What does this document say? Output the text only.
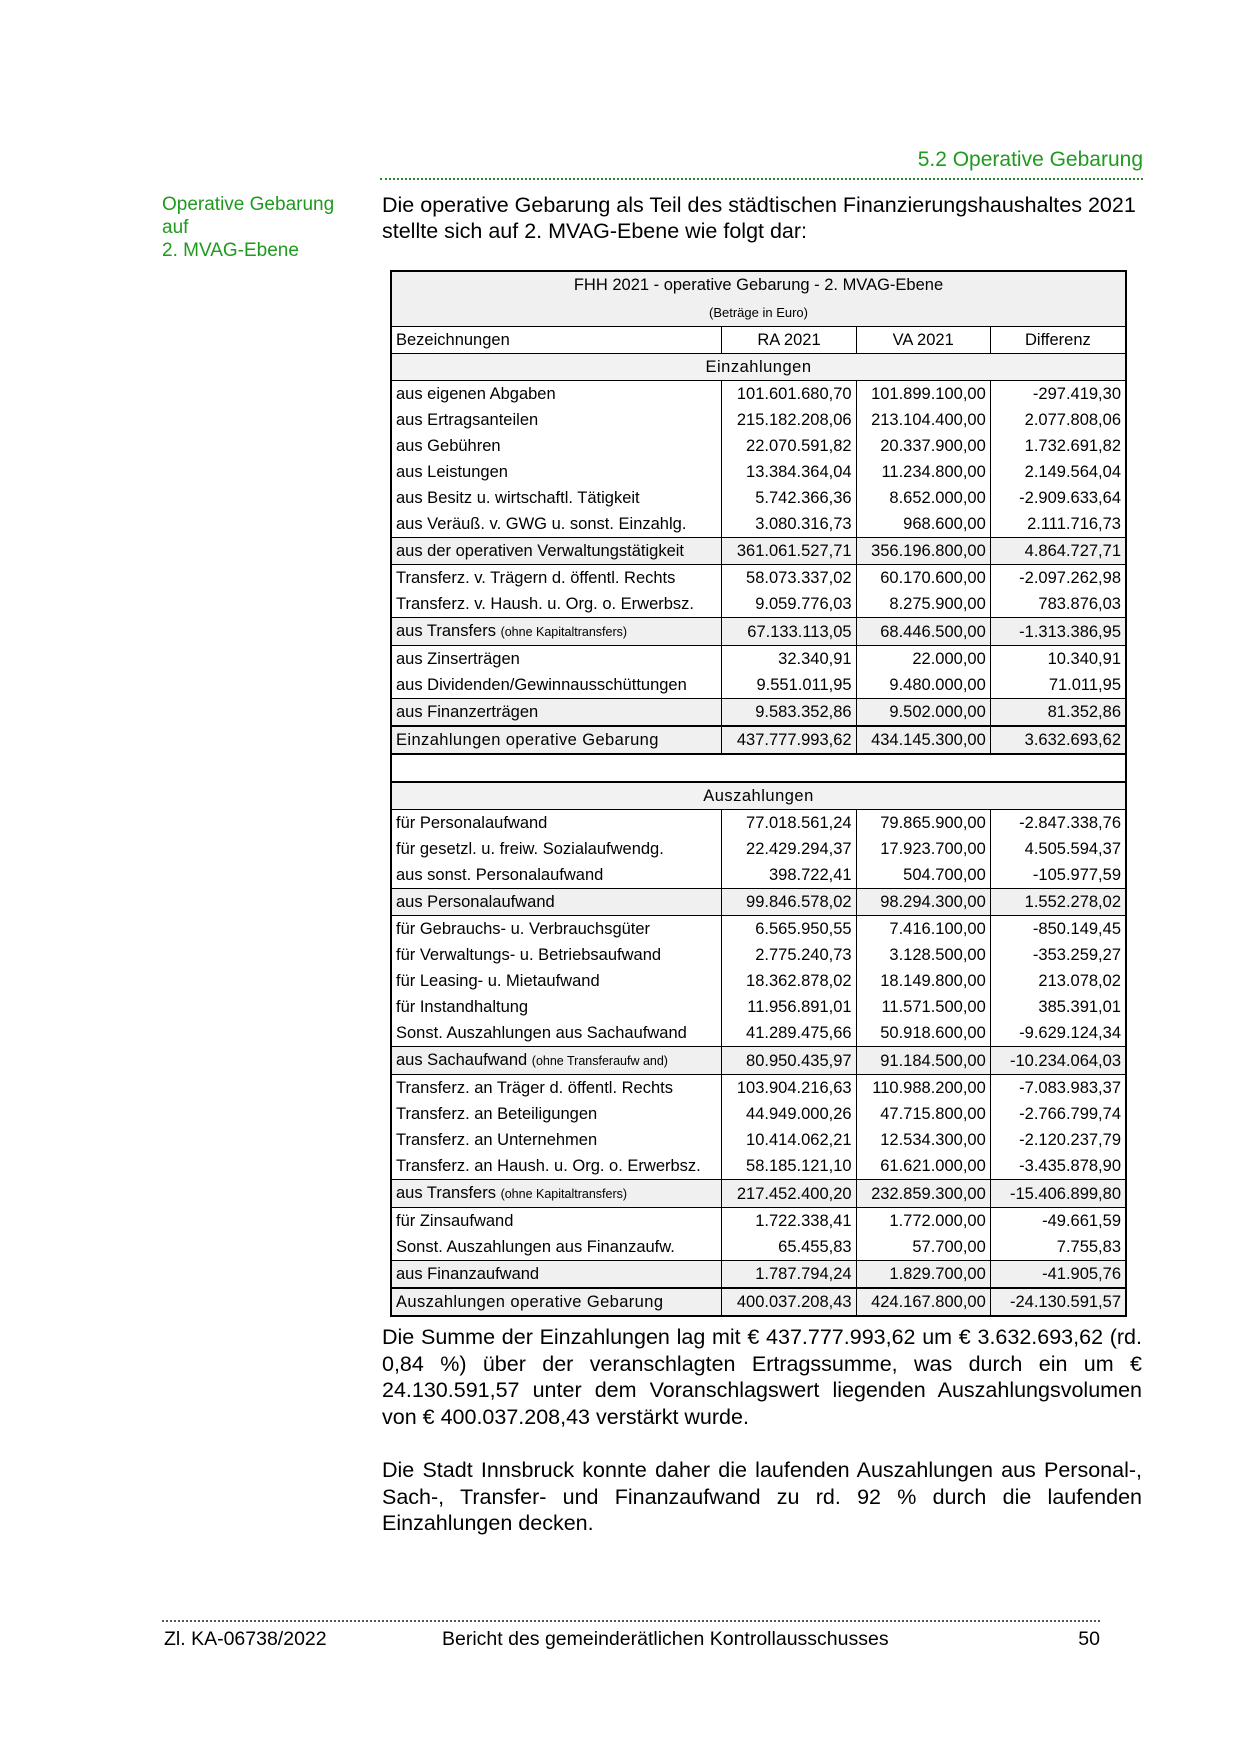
5.2 Operative Gebarung
Operative Gebarung
auf
2. MVAG-Ebene
Die operative Gebarung als Teil des städtischen Finanzierungshaushaltes 2021 stellte sich auf 2. MVAG-Ebene wie folgt dar:
FHH 2021 - operative Gebarung - 2. MVAG-Ebene
(Beträge in Euro)			

Bezeichnungen	RA 2021	VA 2021	Differenz
Einzahlungen			
aus eigenen Abgaben	101.601.680,70	101.899.100,00	-297.419,30
aus Ertragsanteilen	215.182.208,06	213.104.400,00	2.077.808,06
aus Gebühren	22.070.591,82	20.337.900,00	1.732.691,82
aus Leistungen	13.384.364,04	11.234.800,00	2.149.564,04
aus Besitz u. wirtschaftl. Tätigkeit	5.742.366,36	8.652.000,00	-2.909.633,64
aus Veräuß. v. GWG u. sonst. Einzahlg.	3.080.316,73	968.600,00	2.111.716,73
aus der operativen Verwaltungstätigkeit	361.061.527,71	356.196.800,00	4.864.727,71
Transferz. v. Trägern d. öffentl. Rechts	58.073.337,02	60.170.600,00	-2.097.262,98
Transferz. v. Haush. u. Org. o. Erwerbsz.	9.059.776,03	8.275.900,00	783.876,03
aus Transfers (ohne Kapitaltransfers)	67.133.113,05	68.446.500,00	-1.313.386,95
aus Zinserträgen	32.340,91	22.000,00	10.340,91
aus Dividenden/Gewinnausschüttungen	9.551.011,95	9.480.000,00	71.011,95
aus Finanzerträgen	9.583.352,86	9.502.000,00	81.352,86
Einzahlungen operative Gebarung	437.777.993,62	434.145.300,00	3.632.693,62

Auszahlungen			
für Personalaufwand	77.018.561,24	79.865.900,00	-2.847.338,76
für gesetzl. u. freiw. Sozialaufwendg.	22.429.294,37	17.923.700,00	4.505.594,37
aus sonst. Personalaufwand	398.722,41	504.700,00	-105.977,59
aus Personalaufwand	99.846.578,02	98.294.300,00	1.552.278,02
für Gebrauchs- u. Verbrauchsgüter	6.565.950,55	7.416.100,00	-850.149,45
für Verwaltungs- u. Betriebsaufwand	2.775.240,73	3.128.500,00	-353.259,27
für Leasing- u. Mietaufwand	18.362.878,02	18.149.800,00	213.078,02
für Instandhaltung	11.956.891,01	11.571.500,00	385.391,01
Sonst. Auszahlungen aus Sachaufwand	41.289.475,66	50.918.600,00	-9.629.124,34
aus Sachaufwand (ohne Transferaufw and)	80.950.435,97	91.184.500,00	-10.234.064,03
Transferz. an Träger d. öffentl. Rechts	103.904.216,63	110.988.200,00	-7.083.983,37
Transferz. an Beteiligungen	44.949.000,26	47.715.800,00	-2.766.799,74
Transferz. an Unternehmen	10.414.062,21	12.534.300,00	-2.120.237,79
Transferz. an Haush. u. Org. o. Erwerbsz.	58.185.121,10	61.621.000,00	-3.435.878,90
aus Transfers (ohne Kapitaltransfers)	217.452.400,20	232.859.300,00	-15.406.899,80
für Zinsaufwand	1.722.338,41	1.772.000,00	-49.661,59
Sonst. Auszahlungen aus Finanzaufw.	65.455,83	57.700,00	7.755,83
aus Finanzaufwand	1.787.794,24	1.829.700,00	-41.905,76
Auszahlungen operative Gebarung	400.037.208,43	424.167.800,00	-24.130.591,57
Die Summe der Einzahlungen lag mit € 437.777.993,62 um € 3.632.693,62 (rd. 0,84 %) über der veranschlagten Ertragssumme, was durch ein um € 24.130.591,57 unter dem Voranschlagswert liegenden Auszahlungsvolumen von € 400.037.208,43 verstärkt wurde.
Die Stadt Innsbruck konnte daher die laufenden Auszahlungen aus Personal-, Sach-, Transfer- und Finanzaufwand zu rd. 92 % durch die laufenden Einzahlungen decken.
Zl. KA-06738/2022	Bericht des gemeinderätlichen Kontrollausschusses	50
